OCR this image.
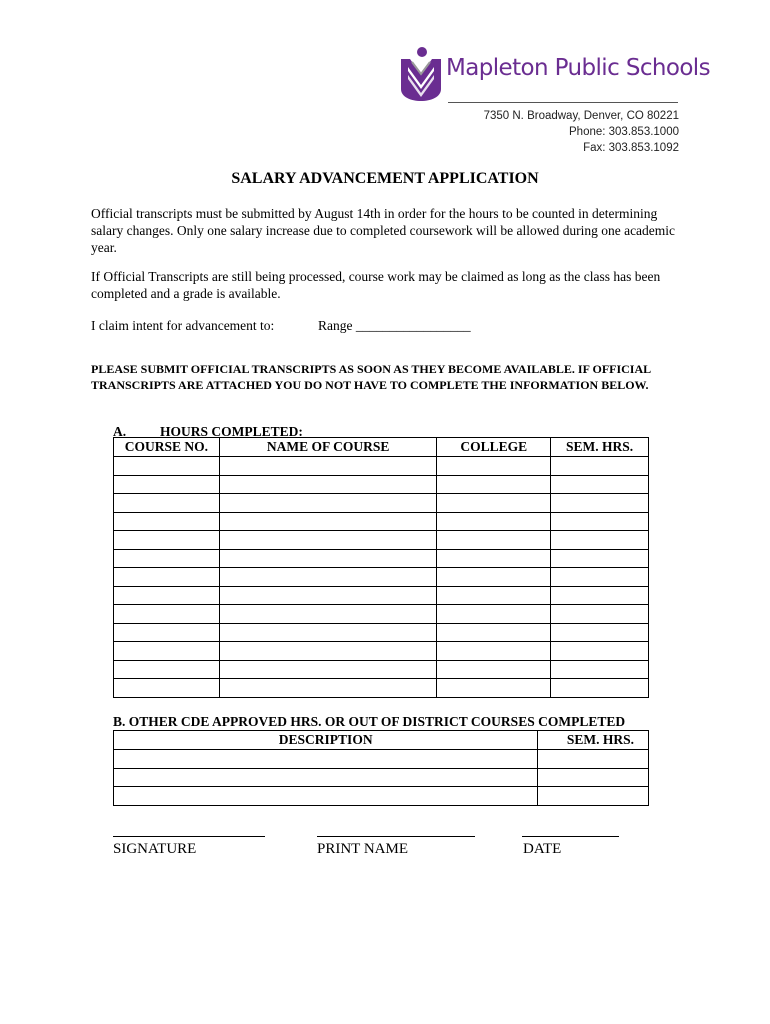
Mapleton Public Schools
7350 N. Broadway, Denver, CO 80221
Phone: 303.853.1000
Fax: 303.853.1092
SALARY ADVANCEMENT APPLICATION
Official transcripts must be submitted by August 14th in order for the hours to be counted in determining salary changes. Only one salary increase due to completed coursework will be allowed during one academic year.
If Official Transcripts are still being processed, course work may be claimed as long as the class has been completed and a grade is available.
I claim intent for advancement to:	Range _________________
PLEASE SUBMIT OFFICIAL TRANSCRIPTS AS SOON AS THEY BECOME AVAILABLE. IF OFFICIAL TRANSCRIPTS ARE ATTACHED YOU DO NOT HAVE TO COMPLETE THE INFORMATION BELOW.
A.	HOURS COMPLETED:
COURSE NO.	NAME OF COURSE	COLLEGE	SEM. HRS.

B. OTHER CDE APPROVED HRS. OR OUT OF DISTRICT COURSES COMPLETED
DESCRIPTION	SEM. HRS.

SIGNATURE	PRINT NAME	DATE
